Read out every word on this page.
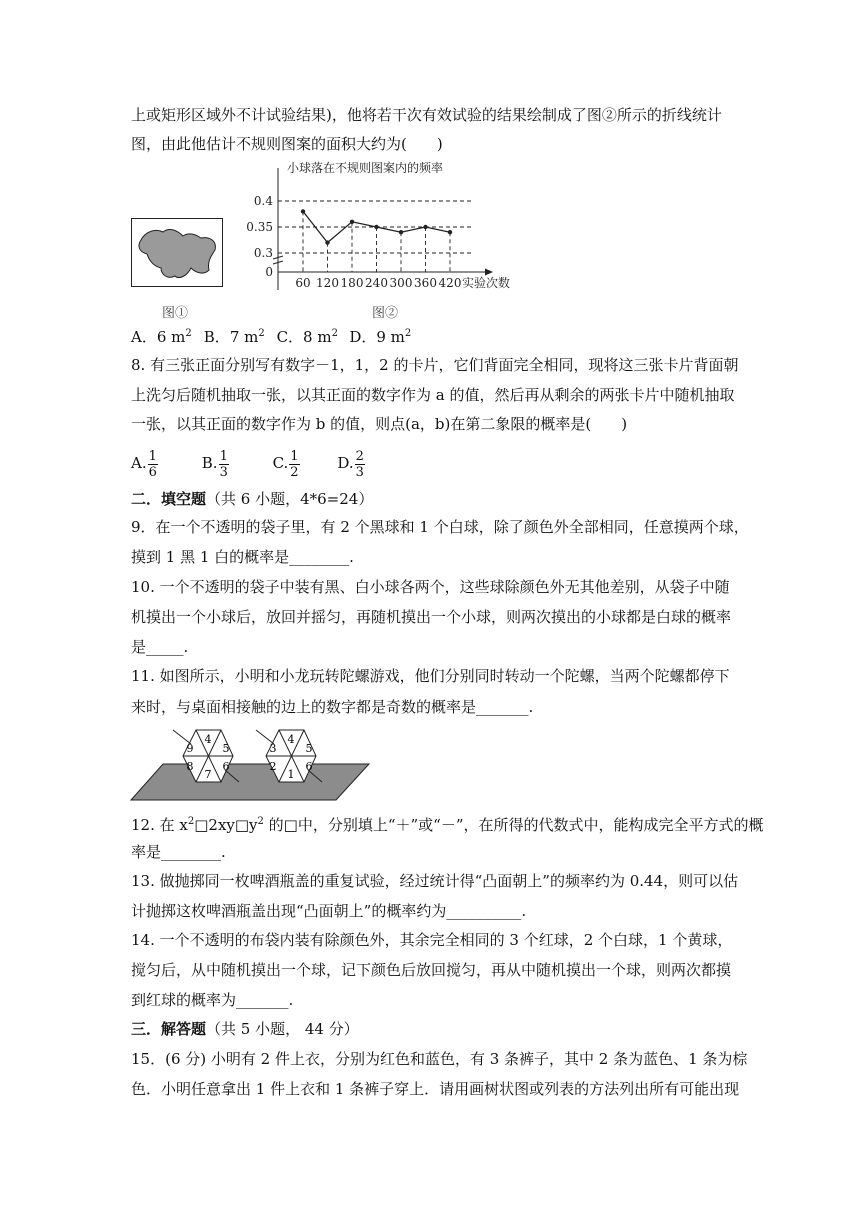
上或矩形区域外不计试验结果)，他将若干次有效试验的结果绘制成了图②所示的折线统计
图，由此他估计不规则图案的面积大约为(　　)
图①
小球落在不规则图案内的频率
0.4
0.35
0.3
0
60 120 180 240 300 360 420 实验次数
图②
A．6 $m^2$ B．7 $m^2$ C．8 $m^2$ D．9 $m^2$
8. 有三张正面分别写有数字－1，1，2 的卡片，它们背面完全相同，现将这三张卡片背面朝
上洗匀后随机抽取一张，以其正面的数字作为 a 的值，然后再从剩余的两张卡片中随机抽取
一张，以其正面的数字作为 b 的值，则点(a，b)在第二象限的概率是(　　)
A. $\frac{1}{6}$	B. $\frac{1}{3}$	C. $\frac{1}{2}$	D. $\frac{2}{3}$
二．填空题（共 6 小题，4*6=24）
9．在一个不透明的袋子里，有 2 个黑球和 1 个白球，除了颜色外全部相同，任意摸两个球，
摸到 1 黑 1 白的概率是________.
10. 一个不透明的袋子中装有黑、白小球各两个，这些球除颜色外无其他差别，从袋子中随
机摸出一个小球后，放回并摇匀，再随机摸出一个小球，则两次摸出的小球都是白球的概率
是_____.
11. 如图所示，小明和小龙玩转陀螺游戏，他们分别同时转动一个陀螺，当两个陀螺都停下
来时，与桌面相接触的边上的数字都是奇数的概率是_______.
9
4
5
6
7
8
3
4
5
6
1
2
12. 在 $x^2□2xy□y^2$ 的□中，分别填上“＋”或“－”，在所得的代数式中，能构成完全平方式的概
率是________.
13. 做抛掷同一枚啤酒瓶盖的重复试验，经过统计得“凸面朝上”的频率约为 0.44，则可以估
计抛掷这枚啤酒瓶盖出现“凸面朝上”的概率约为__________.
14. 一个不透明的布袋内装有除颜色外，其余完全相同的 3 个红球，2 个白球，1 个黄球，
搅匀后，从中随机摸出一个球，记下颜色后放回搅匀，再从中随机摸出一个球，则两次都摸
到红球的概率为_______.
三．解答题（共 5 小题， 44 分）
15．(6 分) 小明有 2 件上衣，分别为红色和蓝色，有 3 条裤子，其中 2 条为蓝色、1 条为棕
色．小明任意拿出 1 件上衣和 1 条裤子穿上．请用画树状图或列表的方法列出所有可能出现
